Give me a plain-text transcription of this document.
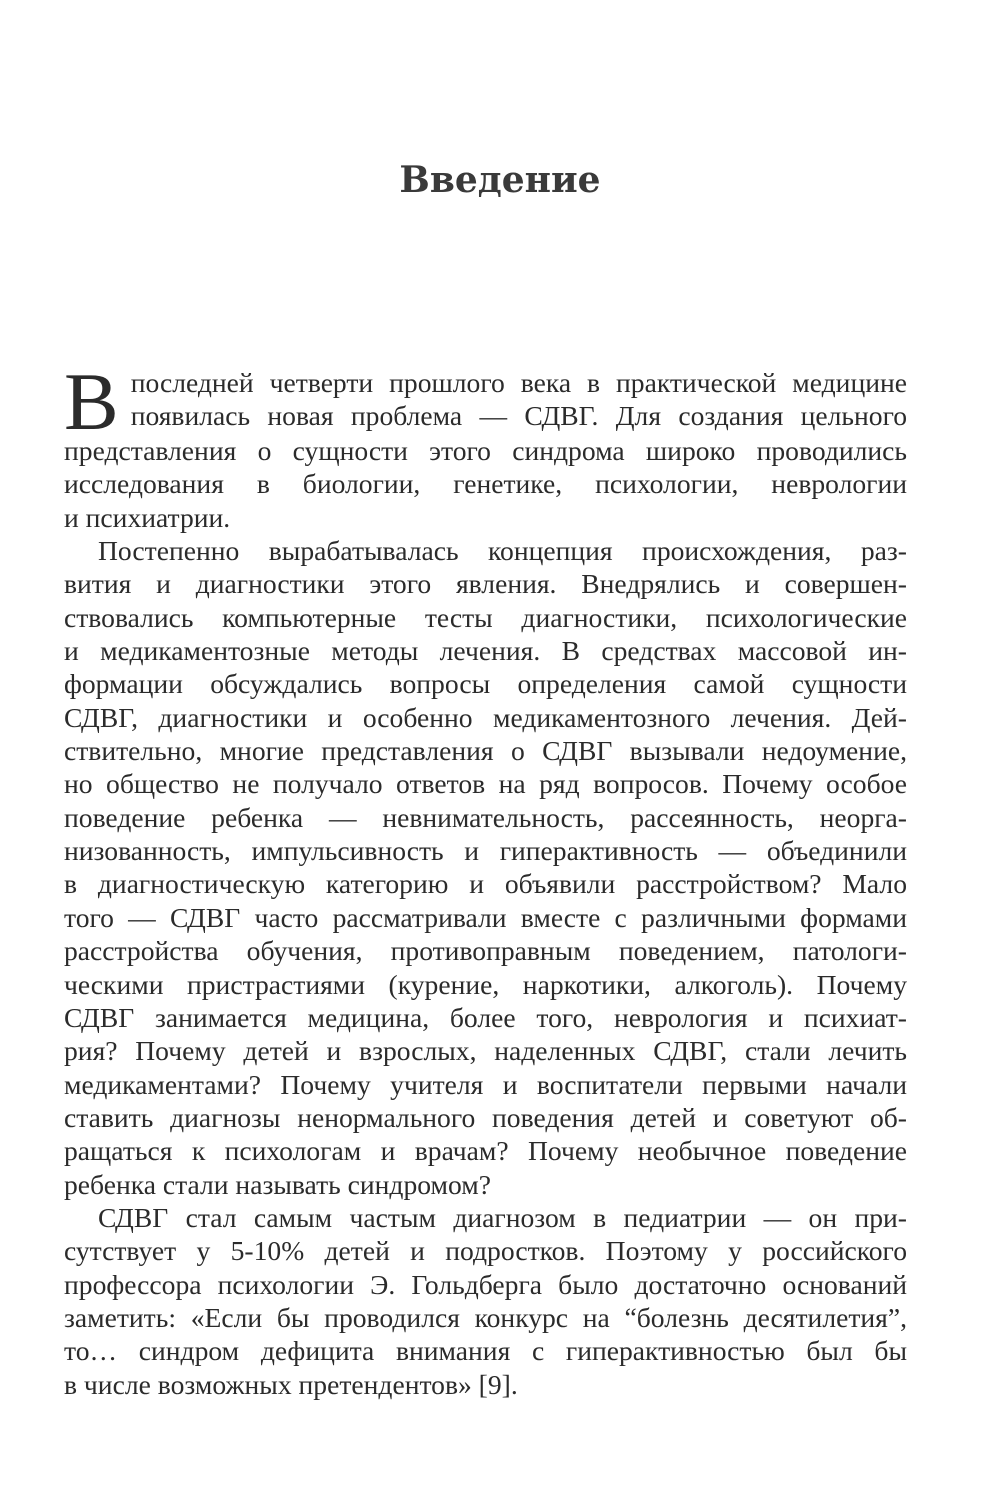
Введение

В последней четверти прошлого века в практической медицине
появилась новая проблема — СДВГ. Для создания цельного
представления о сущности этого синдрома широко проводились
исследования в биологии, генетике, психологии, неврологии
и психиатрии.

Постепенно вырабатывалась концепция происхождения, раз-
вития и диагностики этого явления. Внедрялись и совершен-
ствовались компьютерные тесты диагностики, психологические
и медикаментозные методы лечения. В средствах массовой ин-
формации обсуждались вопросы определения самой сущности
СДВГ, диагностики и особенно медикаментозного лечения. Дей-
ствительно, многие представления о СДВГ вызывали недоумение,
но общество не получало ответов на ряд вопросов. Почему особое
поведение ребенка — невнимательность, рассеянность, неорга-
низованность, импульсивность и гиперактивность — объединили
в диагностическую категорию и объявили расстройством? Мало
того — СДВГ часто рассматривали вместе с различными формами
расстройства обучения, противоправным поведением, патологи-
ческими пристрастиями (курение, наркотики, алкоголь). Почему
СДВГ занимается медицина, более того, неврология и психиат-
рия? Почему детей и взрослых, наделенных СДВГ, стали лечить
медикаментами? Почему учителя и воспитатели первыми начали
ставить диагнозы ненормального поведения детей и советуют об-
ращаться к психологам и врачам? Почему необычное поведение
ребенка стали называть синдромом?

СДВГ стал самым частым диагнозом в педиатрии — он при-
сутствует у 5-10% детей и подростков. Поэтому у российского
профессора психологии Э. Гольдберга было достаточно оснований
заметить: «Если бы проводился конкурс на “болезнь десятилетия”,
то… синдром дефицита внимания с гиперактивностью был бы
в числе возможных претендентов» [9].
